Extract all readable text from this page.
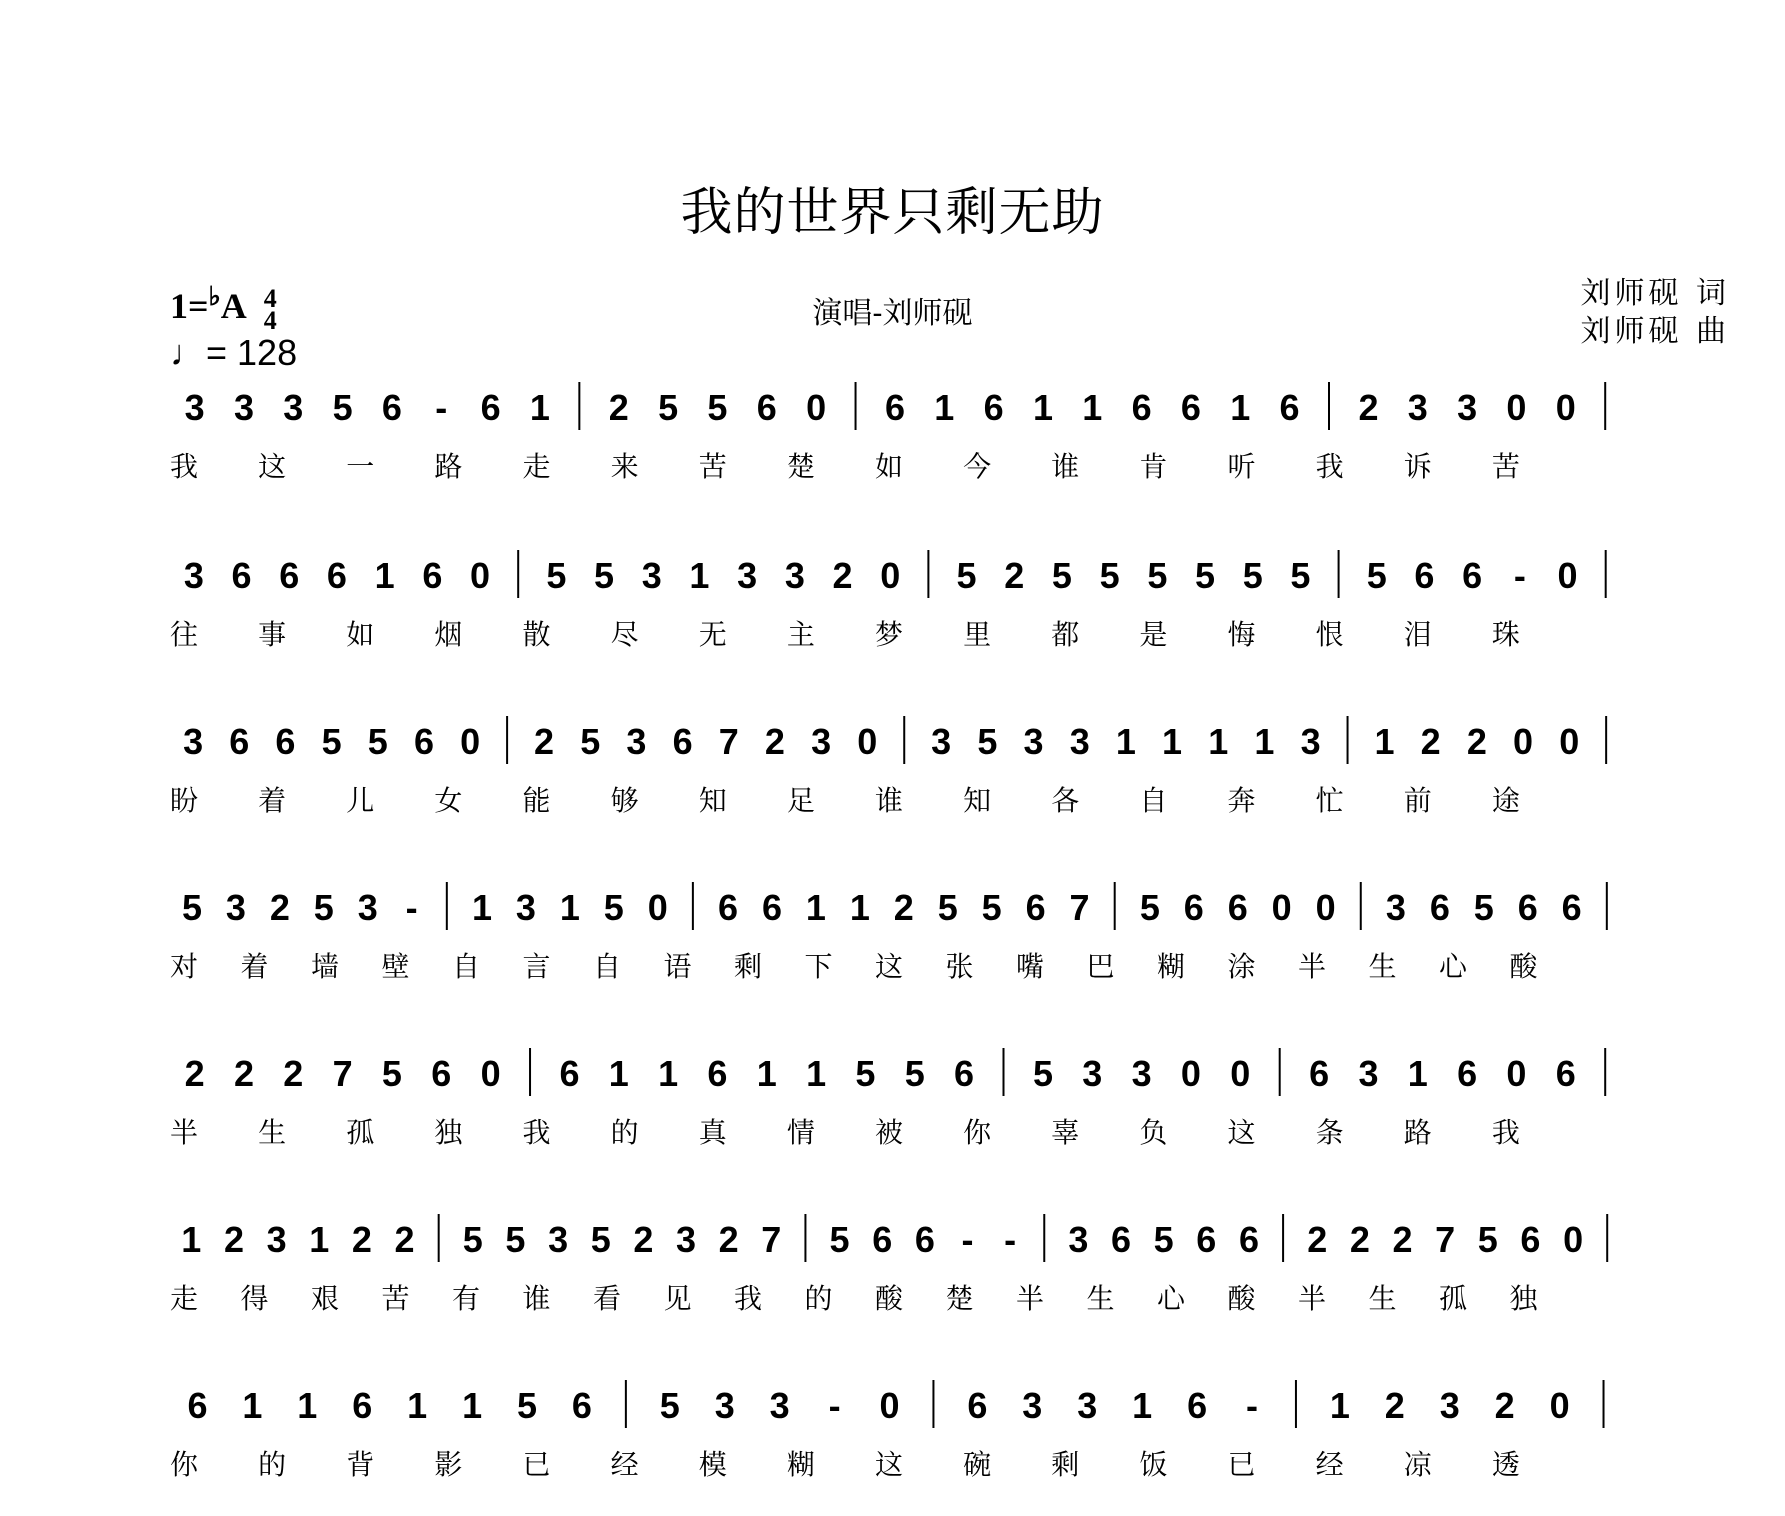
我的世界只剩无助
演唱-刘师砚
刘师砚 词
刘师砚 曲
1=♭A 4
4
♩= 128
3 3 3 5 6 - 6 1 2 5 5 6 0 6 1 6 1 1 6 6 1 6 2 3 3 0 0
我 这 一 路 走 来 苦 楚 如 今 谁 肯 听 我 诉 苦
3 6 6 6 1 6 0 5 5 3 1 3 3 2 0 5 2 5 5 5 5 5 5 5 6 6 - 0
往 事 如 烟 散 尽 无 主 梦 里 都 是 悔 恨 泪 珠
3 6 6 5 5 6 0 2 5 3 6 7 2 3 0 3 5 3 3 1 1 1 1 3 1 2 2 0 0
盼 着 儿 女 能 够 知 足 谁 知 各 自 奔 忙 前 途
5 3 2 5 3 - 1 3 1 5 0 6 6 1 1 2 5 5 6 7 5 6 6 0 0 3 6 5 6 6
对 着 墙 壁 自 言 自 语 剩 下 这 张 嘴 巴 糊 涂 半 生 心 酸
2 2 2 7 5 6 0 6 1 1 6 1 1 5 5 6 5 3 3 0 0 6 3 1 6 0 6
半 生 孤 独 我 的 真 情 被 你 辜 负 这 条 路 我
1 2 3 1 2 2 5 5 3 5 2 3 2 7 5 6 6 - - 3 6 5 6 6 2 2 2 7 5 6 0
走 得 艰 苦 有 谁 看 见 我 的 酸 楚 半 生 心 酸 半 生 孤 独
6 1 1 6 1 1 5 6 5 3 3 - 0 6 3 3 1 6 - 1 2 3 2 0
你 的 背 影 已 经 模 糊 这 碗 剩 饭 已 经 凉 透
